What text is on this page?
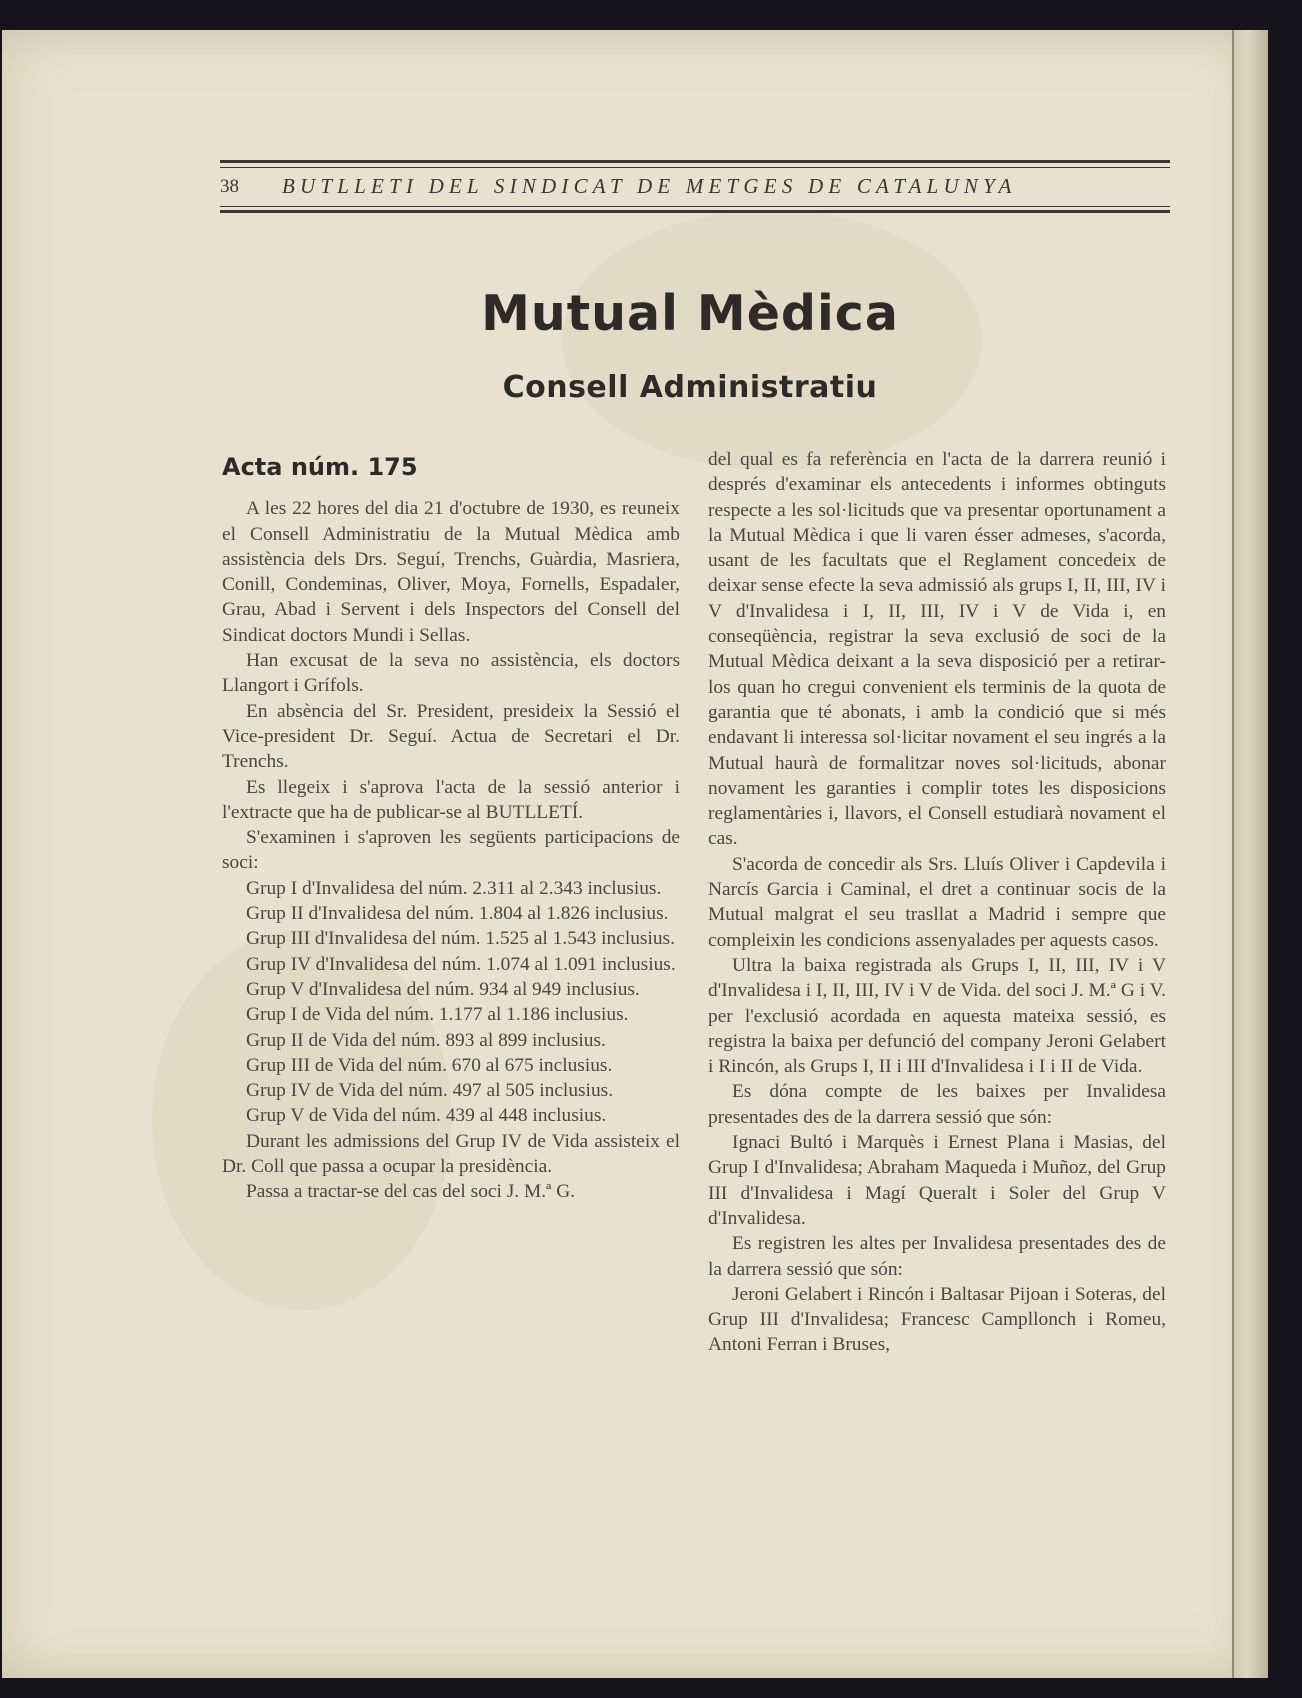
38 BUTLLETI DEL SINDICAT DE METGES DE CATALUNYA
Mutual Mèdica
Consell Administratiu
Acta núm. 175

A les 22 hores del dia 21 d'octubre de 1930, es reuneix el Consell Administratiu de la Mutual Mèdica amb assistència dels Drs. Seguí, Trenchs, Guàrdia, Masriera, Conill, Condeminas, Oliver, Moya, Fornells, Espadaler, Grau, Abad i Servent i dels Inspectors del Consell del Sindicat doctors Mundi i Sellas.

Han excusat de la seva no assistència, els doctors Llangort i Grífols.

En absència del Sr. President, presideix la Sessió el Vice-president Dr. Seguí. Actua de Secretari el Dr. Trenchs.

Es llegeix i s'aprova l'acta de la sessió anterior i l'extracte que ha de publicar-se al BUTLLETÍ.

S'examinen i s'aproven les següents participacions de soci:

Grup I d'Invalidesa del núm. 2.311 al 2.343 inclusius.

Grup II d'Invalidesa del núm. 1.804 al 1.826 inclusius.

Grup III d'Invalidesa del núm. 1.525 al 1.543 inclusius.

Grup IV d'Invalidesa del núm. 1.074 al 1.091 inclusius.

Grup V d'Invalidesa del núm. 934 al 949 inclusius.

Grup I de Vida del núm. 1.177 al 1.186 inclusius.

Grup II de Vida del núm. 893 al 899 inclusius.

Grup III de Vida del núm. 670 al 675 inclusius.

Grup IV de Vida del núm. 497 al 505 inclusius.

Grup V de Vida del núm. 439 al 448 inclusius.

Durant les admissions del Grup IV de Vida assisteix el Dr. Coll que passa a ocupar la presidència.

Passa a tractar-se del cas del soci J. M.ª G.

del qual es fa referència en l'acta de la darrera reunió i després d'examinar els antecedents i informes obtinguts respecte a les sol·licituds que va presentar oportunament a la Mutual Mèdica i que li varen ésser admeses, s'acorda, usant de les facultats que el Reglament concedeix de deixar sense efecte la seva admissió als grups I, II, III, IV i V d'Invalidesa i I, II, III, IV i V de Vida i, en conseqüència, registrar la seva exclusió de soci de la Mutual Mèdica deixant a la seva disposició per a retirar-los quan ho cregui convenient els terminis de la quota de garantia que té abonats, i amb la condició que si més endavant li interessa sol·licitar novament el seu ingrés a la Mutual haurà de formalitzar noves sol·licituds, abonar novament les garanties i complir totes les disposicions reglamentàries i, llavors, el Consell estudiarà novament el cas.

S'acorda de concedir als Srs. Lluís Oliver i Capdevila i Narcís Garcia i Caminal, el dret a continuar socis de la Mutual malgrat el seu trasllat a Madrid i sempre que compleixin les condicions assenyalades per aquests casos.

Ultra la baixa registrada als Grups I, II, III, IV i V d'Invalidesa i I, II, III, IV i V de Vida. del soci J. M.ª G i V. per l'exclusió acordada en aquesta mateixa sessió, es registra la baixa per defunció del company Jeroni Gelabert i Rincón, als Grups I, II i III d'Invalidesa i I i II de Vida.

Es dóna compte de les baixes per Invalidesa presentades des de la darrera sessió que són:

Ignaci Bultó i Marquès i Ernest Plana i Masias, del Grup I d'Invalidesa; Abraham Maqueda i Muñoz, del Grup III d'Invalidesa i Magí Queralt i Soler del Grup V d'Invalidesa.

Es registren les altes per Invalidesa presentades des de la darrera sessió que són:

Jeroni Gelabert i Rincón i Baltasar Pijoan i Soteras, del Grup III d'Invalidesa; Francesc Campllonch i Romeu, Antoni Ferran i Bruses,
